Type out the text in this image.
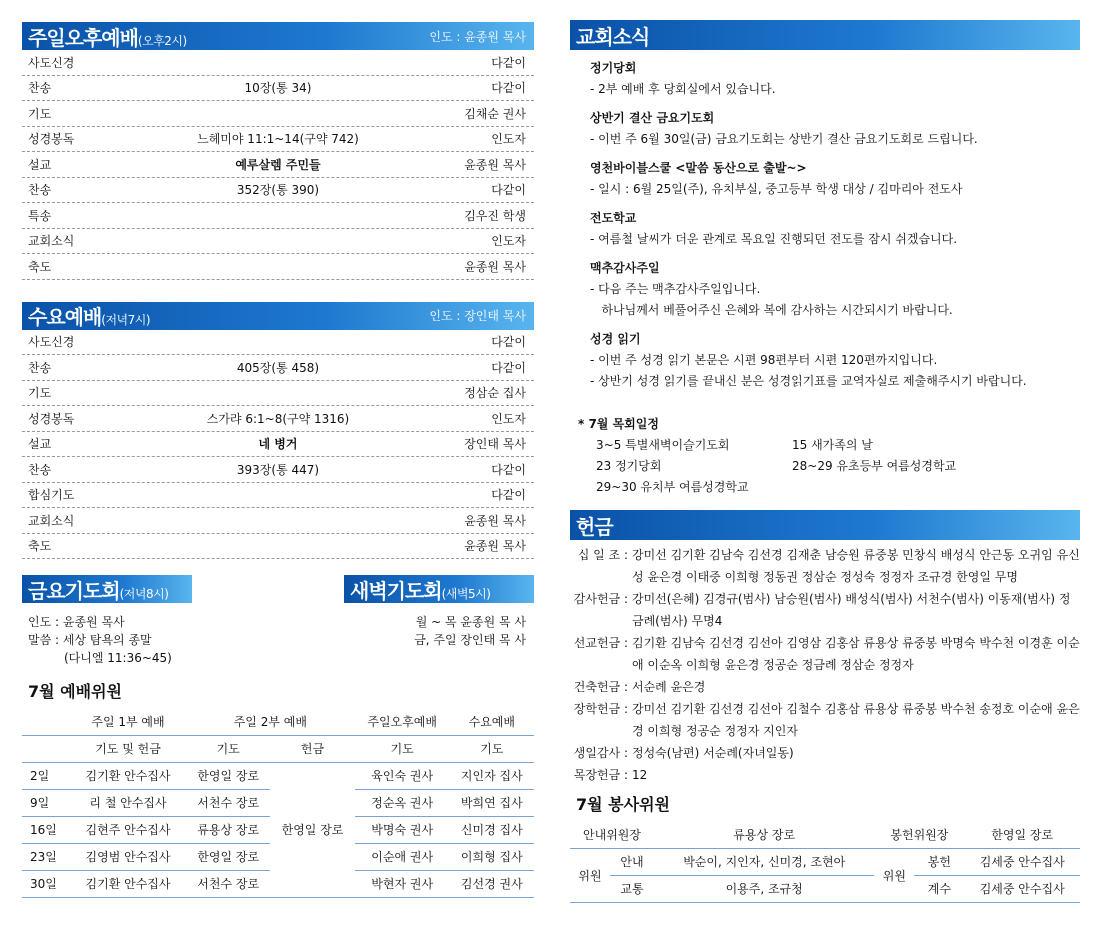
주일오후예배(오후2시)	인도 : 윤종원 목사
사도신경	다같이
찬송	10장(통 34)	다같이
기도	김채순 권사
성경봉독	느헤미야 11:1~14(구약 742)	인도자
설교	예루살렘 주민들	윤종원 목사
찬송	352장(통 390)	다같이
특송	김우진 학생
교회소식	인도자
축도	윤종원 목사
수요예배(저녁7시)	인도 : 장인태 목사
사도신경	다같이
찬송	405장(통 458)	다같이
기도	정삼순 집사
성경봉독	스가랴 6:1~8(구약 1316)	인도자
설교	네 병거	장인태 목사
찬송	393장(통 447)	다같이
합심기도	다같이
교회소식	윤종원 목사
축도	윤종원 목사
금요기도회(저녁8시)	새벽기도회(새벽5시)
인도 : 윤종원 목사
말씀 : 세상 탐욕의 종말
(다니엘 11:36~45)
월 ~ 목 윤종원 목 사
금, 주일 장인태 목 사
7월 예배위원
	주일 1부 예배	주일 2부 예배		주일오후예배	수요예배
	기도 및 헌금	기도	헌금	기도	기도
2일	김기환 안수집사	한영일 장로	한영일 장로	육인숙 권사	지인자 집사
9일	리 철 안수집사	서천수 장로		정순옥 권사	박희연 집사
16일	김현주 안수집사	류용상 장로		박명숙 권사	신미경 집사
23일	김영범 안수집사	한영일 장로		이순애 권사	이희형 집사
30일	김기환 안수집사	서천수 장로		박현자 권사	김선경 권사
교회소식
정기당회

- 2부 예배 후 당회실에서 있습니다.

상반기 결산 금요기도회

- 이번 주 6월 30일(금) 금요기도회는 상반기 결산 금요기도회로 드립니다.

영천바이블스쿨 <말씀 동산으로 출발~>

- 일시 : 6월 25일(주), 유치부실, 중고등부 학생 대상 / 김마리아 전도사

전도학교

- 여름철 날씨가 더운 관계로 목요일 진행되던 전도를 잠시 쉬겠습니다.

맥추감사주일

- 다음 주는 맥추감사주일입니다.

하나님께서 베풀어주신 은혜와 복에 감사하는 시간되시기 바랍니다.

성경 읽기

- 이번 주 성경 읽기 본문은 시편 98편부터 시편 120편까지입니다.

- 상반기 성경 읽기를 끝내신 분은 성경읽기표를 교역자실로 제출해주시기 바랍니다.

* 7월 목회일정
3~5 특별새벽이슬기도회	15 새가족의 날
23 정기당회	28~29 유초등부 여름성경학교
29~30 유치부 여름성경학교
헌금
십 일 조 : 강미선 김기환 김남숙 김선경 김재춘 남승원 류중봉 민창식 배성식 안근동 오귀임 유신성 윤은경 이태중 이희형 정동권 정삼순 정성숙 정정자 조규경 한영일 무명
감사헌금 : 강미선(은혜) 김경규(범사) 남승원(범사) 배성식(범사) 서천수(범사) 이동재(범사) 정금례(범사) 무명4
선교헌금 : 김기환 김남숙 김선경 김선아 김영삼 김홍삼 류용상 류중봉 박명숙 박수천 이경훈 이순애 이순옥 이희형 윤은경 정공순 정금례 정삼순 정정자
건축헌금 : 서순례 윤은경
장학헌금 : 강미선 김기환 김선경 김선아 김철수 김홍삼 류용상 류중봉 박수천 송정호 이순애 윤은경 이희형 정공순 정정자 지인자
생일감사 : 정성숙(남편) 서순례(자녀일동)
목장헌금 : 12
7월 봉사위원
안내위원장		류용상 장로	봉헌위원장		한영일 장로
위원	안내	박순이, 지인자, 신미경, 조현아	위원	봉헌	김세중 안수집사
	교통	이용주, 조규청		계수	김세중 안수집사
